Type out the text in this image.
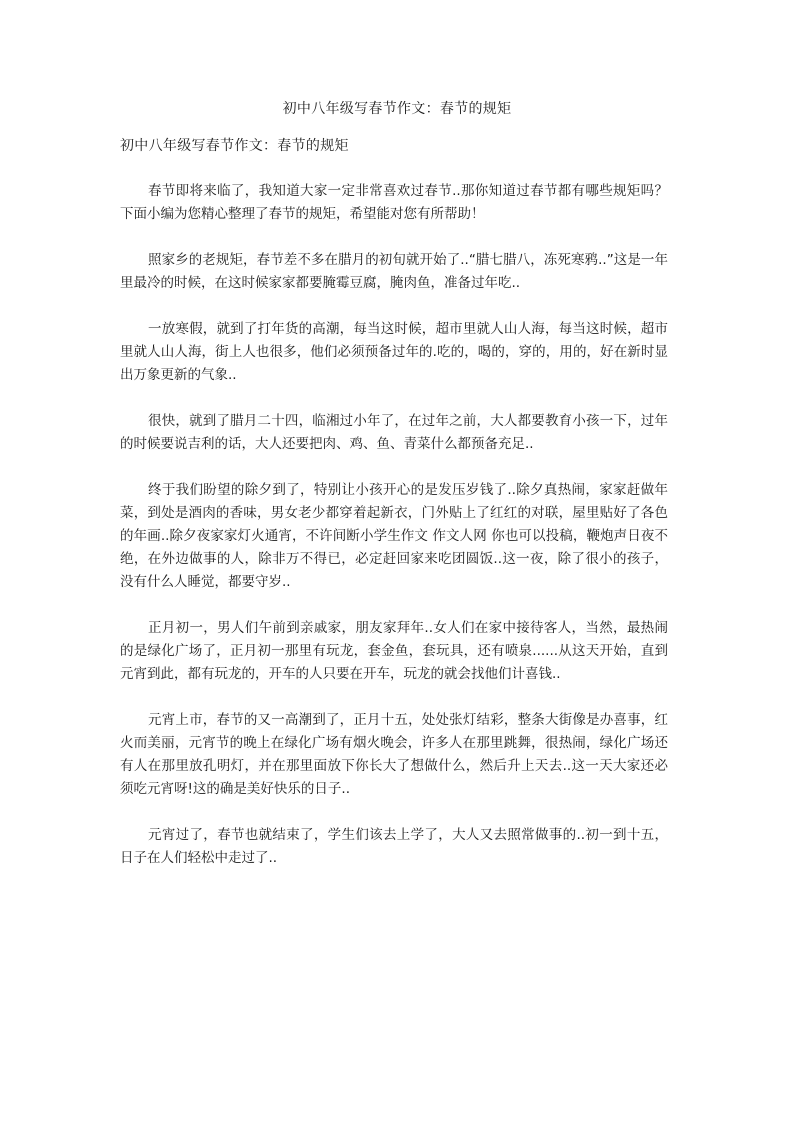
初中八年级写春节作文：春节的规矩
初中八年级写春节作文：春节的规矩

春节即将来临了，我知道大家一定非常喜欢过春节..那你知道过春节都有哪些规矩吗？下面小编为您精心整理了春节的规矩，希望能对您有所帮助！

照家乡的老规矩，春节差不多在腊月的初旬就开始了..“腊七腊八，冻死寒鸦..”这是一年里最冷的时候，在这时候家家都要腌霉豆腐，腌肉鱼，准备过年吃..

一放寒假，就到了打年货的高潮，每当这时候，超市里就人山人海，每当这时候，超市里就人山人海，街上人也很多，他们必须预备过年的.吃的，喝的，穿的，用的，好在新时显出万象更新的气象..

很快，就到了腊月二十四，临湘过小年了，在过年之前，大人都要教育小孩一下，过年的时候要说吉利的话，大人还要把肉、鸡、鱼、青菜什么都预备充足..

终于我们盼望的除夕到了，特别让小孩开心的是发压岁钱了..除夕真热闹，家家赶做年菜，到处是酒肉的香味，男女老少都穿着起新衣，门外贴上了红红的对联，屋里贴好了各色的年画..除夕夜家家灯火通宵，不许间断小学生作文 作文人网 你也可以投稿，鞭炮声日夜不绝，在外边做事的人，除非万不得已，必定赶回家来吃团圆饭..这一夜，除了很小的孩子，没有什么人睡觉，都要守岁..

正月初一，男人们午前到亲戚家，朋友家拜年..女人们在家中接待客人，当然，最热闹的是绿化广场了，正月初一那里有玩龙，套金鱼，套玩具，还有喷泉......从这天开始，直到元宵到此，都有玩龙的，开车的人只要在开车，玩龙的就会找他们计喜钱..

元宵上市，春节的又一高潮到了，正月十五，处处张灯结彩，整条大街像是办喜事，红火而美丽，元宵节的晚上在绿化广场有烟火晚会，许多人在那里跳舞，很热闹，绿化广场还有人在那里放孔明灯，并在那里面放下你长大了想做什么，然后升上天去..这一天大家还必须吃元宵呀!这的确是美好快乐的日子..

元宵过了，春节也就结束了，学生们该去上学了，大人又去照常做事的..初一到十五，日子在人们轻松中走过了..
